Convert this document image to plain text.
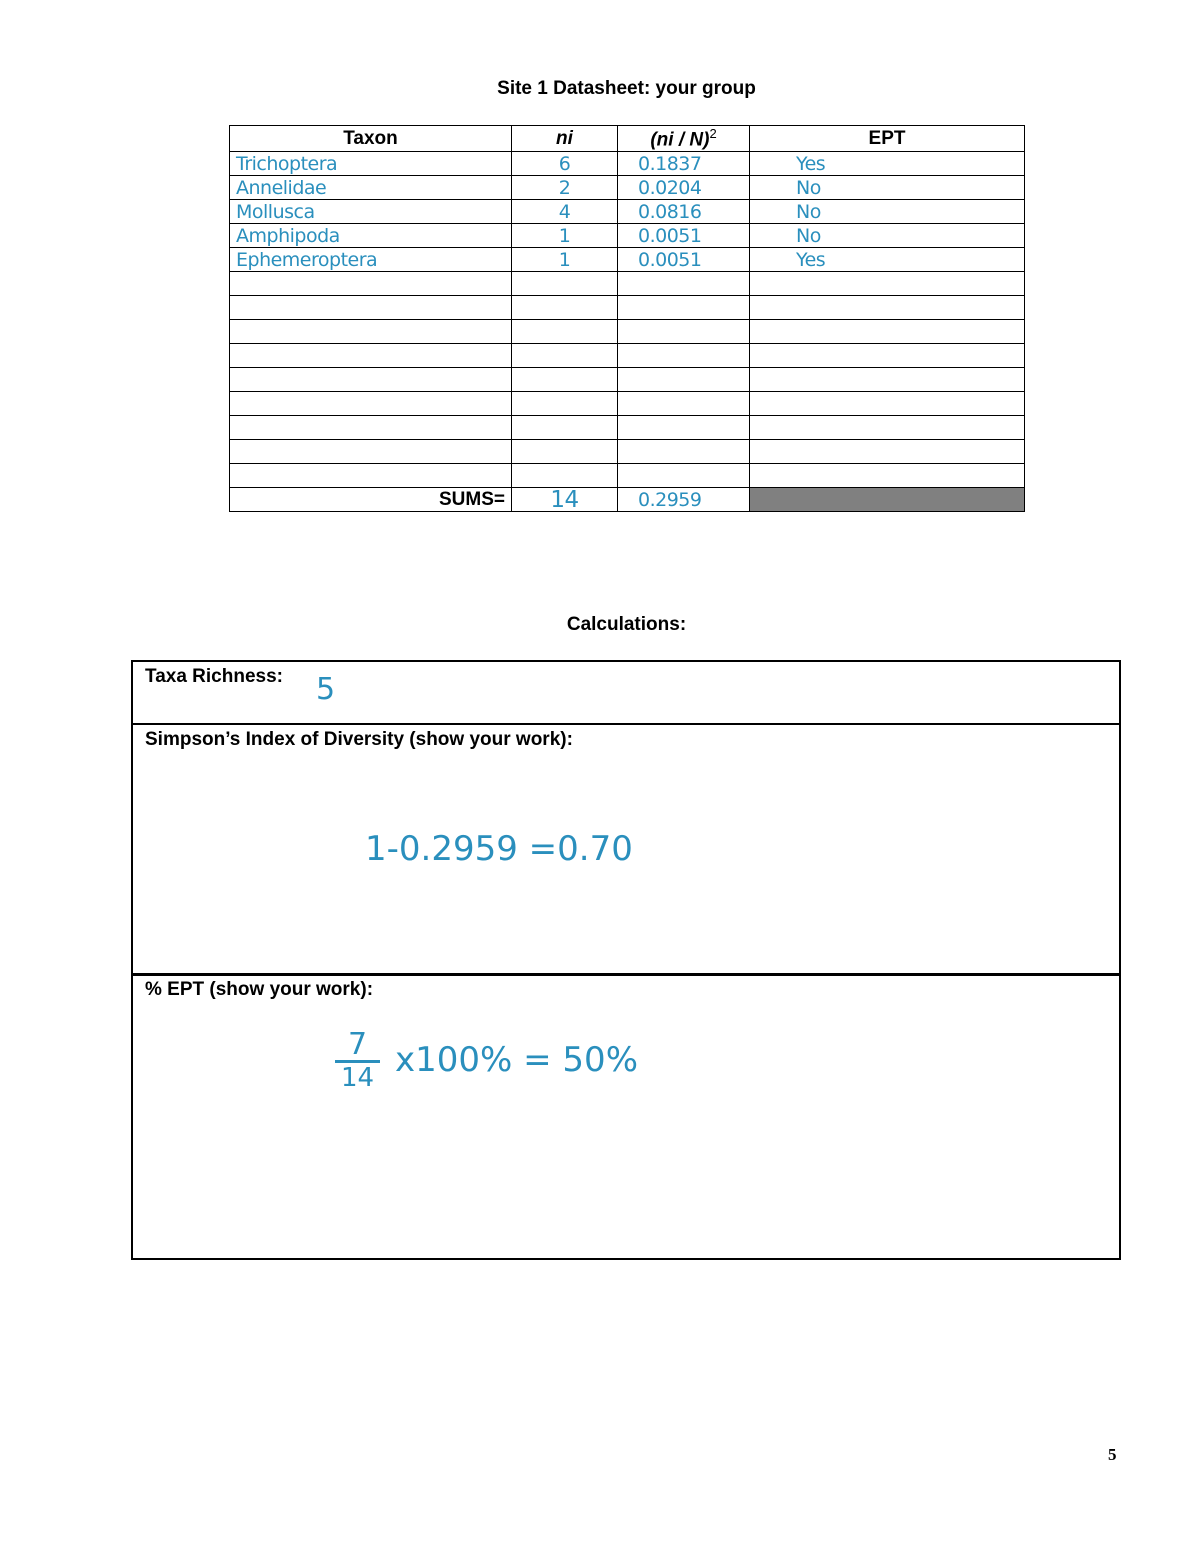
Site 1 Datasheet: your group
Taxon	ni	(ni / N)$^2$	EPT
Trichoptera	6	0.1837	Yes
Annelidae	2	0.0204	No
Mollusca	4	0.0816	No
Amphipoda	1	0.0051	No
Ephemeroptera	1	0.0051	Yes

SUMS=	14	0.2959	
Calculations:
Taxa Richness: 5
Simpson’s Index of Diversity (show your work):
1-0.2959 =0.70
% EPT (show your work):
$\frac{7}{14} x100\% = 50\%$
5
